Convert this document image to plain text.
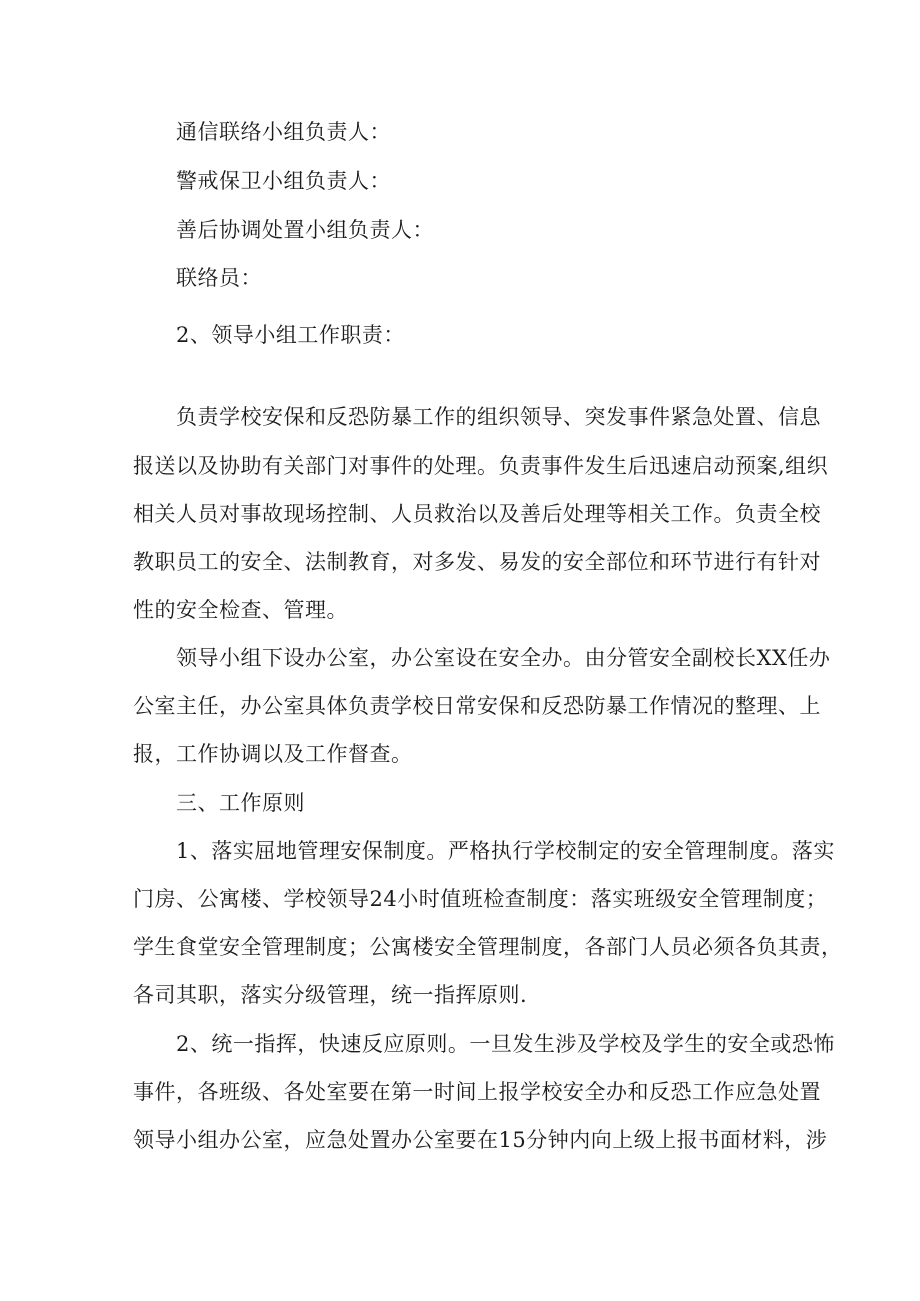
通信联络小组负责人：
警戒保卫小组负责人：
善后协调处置小组负责人：
联络员：
2、领导小组工作职责：
负责学校安保和反恐防暴工作的组织领导、突发事件紧急处置、信息
报送以及协助有关部门对事件的处理。负责事件发生后迅速启动预案,组织
相关人员对事故现场控制、人员救治以及善后处理等相关工作。负责全校
教职员工的安全、法制教育，对多发、易发的安全部位和环节进行有针对
性的安全检查、管理。
领导小组下设办公室，办公室设在安全办。由分管安全副校长XX任办
公室主任，办公室具体负责学校日常安保和反恐防暴工作情况的整理、上
报，工作协调以及工作督查。
三、工作原则
1、落实屈地管理安保制度。严格执行学校制定的安全管理制度。落实
门房、公寓楼、学校领导24小时值班检查制度：落实班级安全管理制度；
学生食堂安全管理制度；公寓楼安全管理制度，各部门人员必须各负其责，
各司其职，落实分级管理，统一指挥原则.
2、统一指挥，快速反应原则。一旦发生涉及学校及学生的安全或恐怖
事件，各班级、各处室要在第一时间上报学校安全办和反恐工作应急处置
领导小组办公室，应急处置办公室要在15分钟内向上级上报书面材料，涉
